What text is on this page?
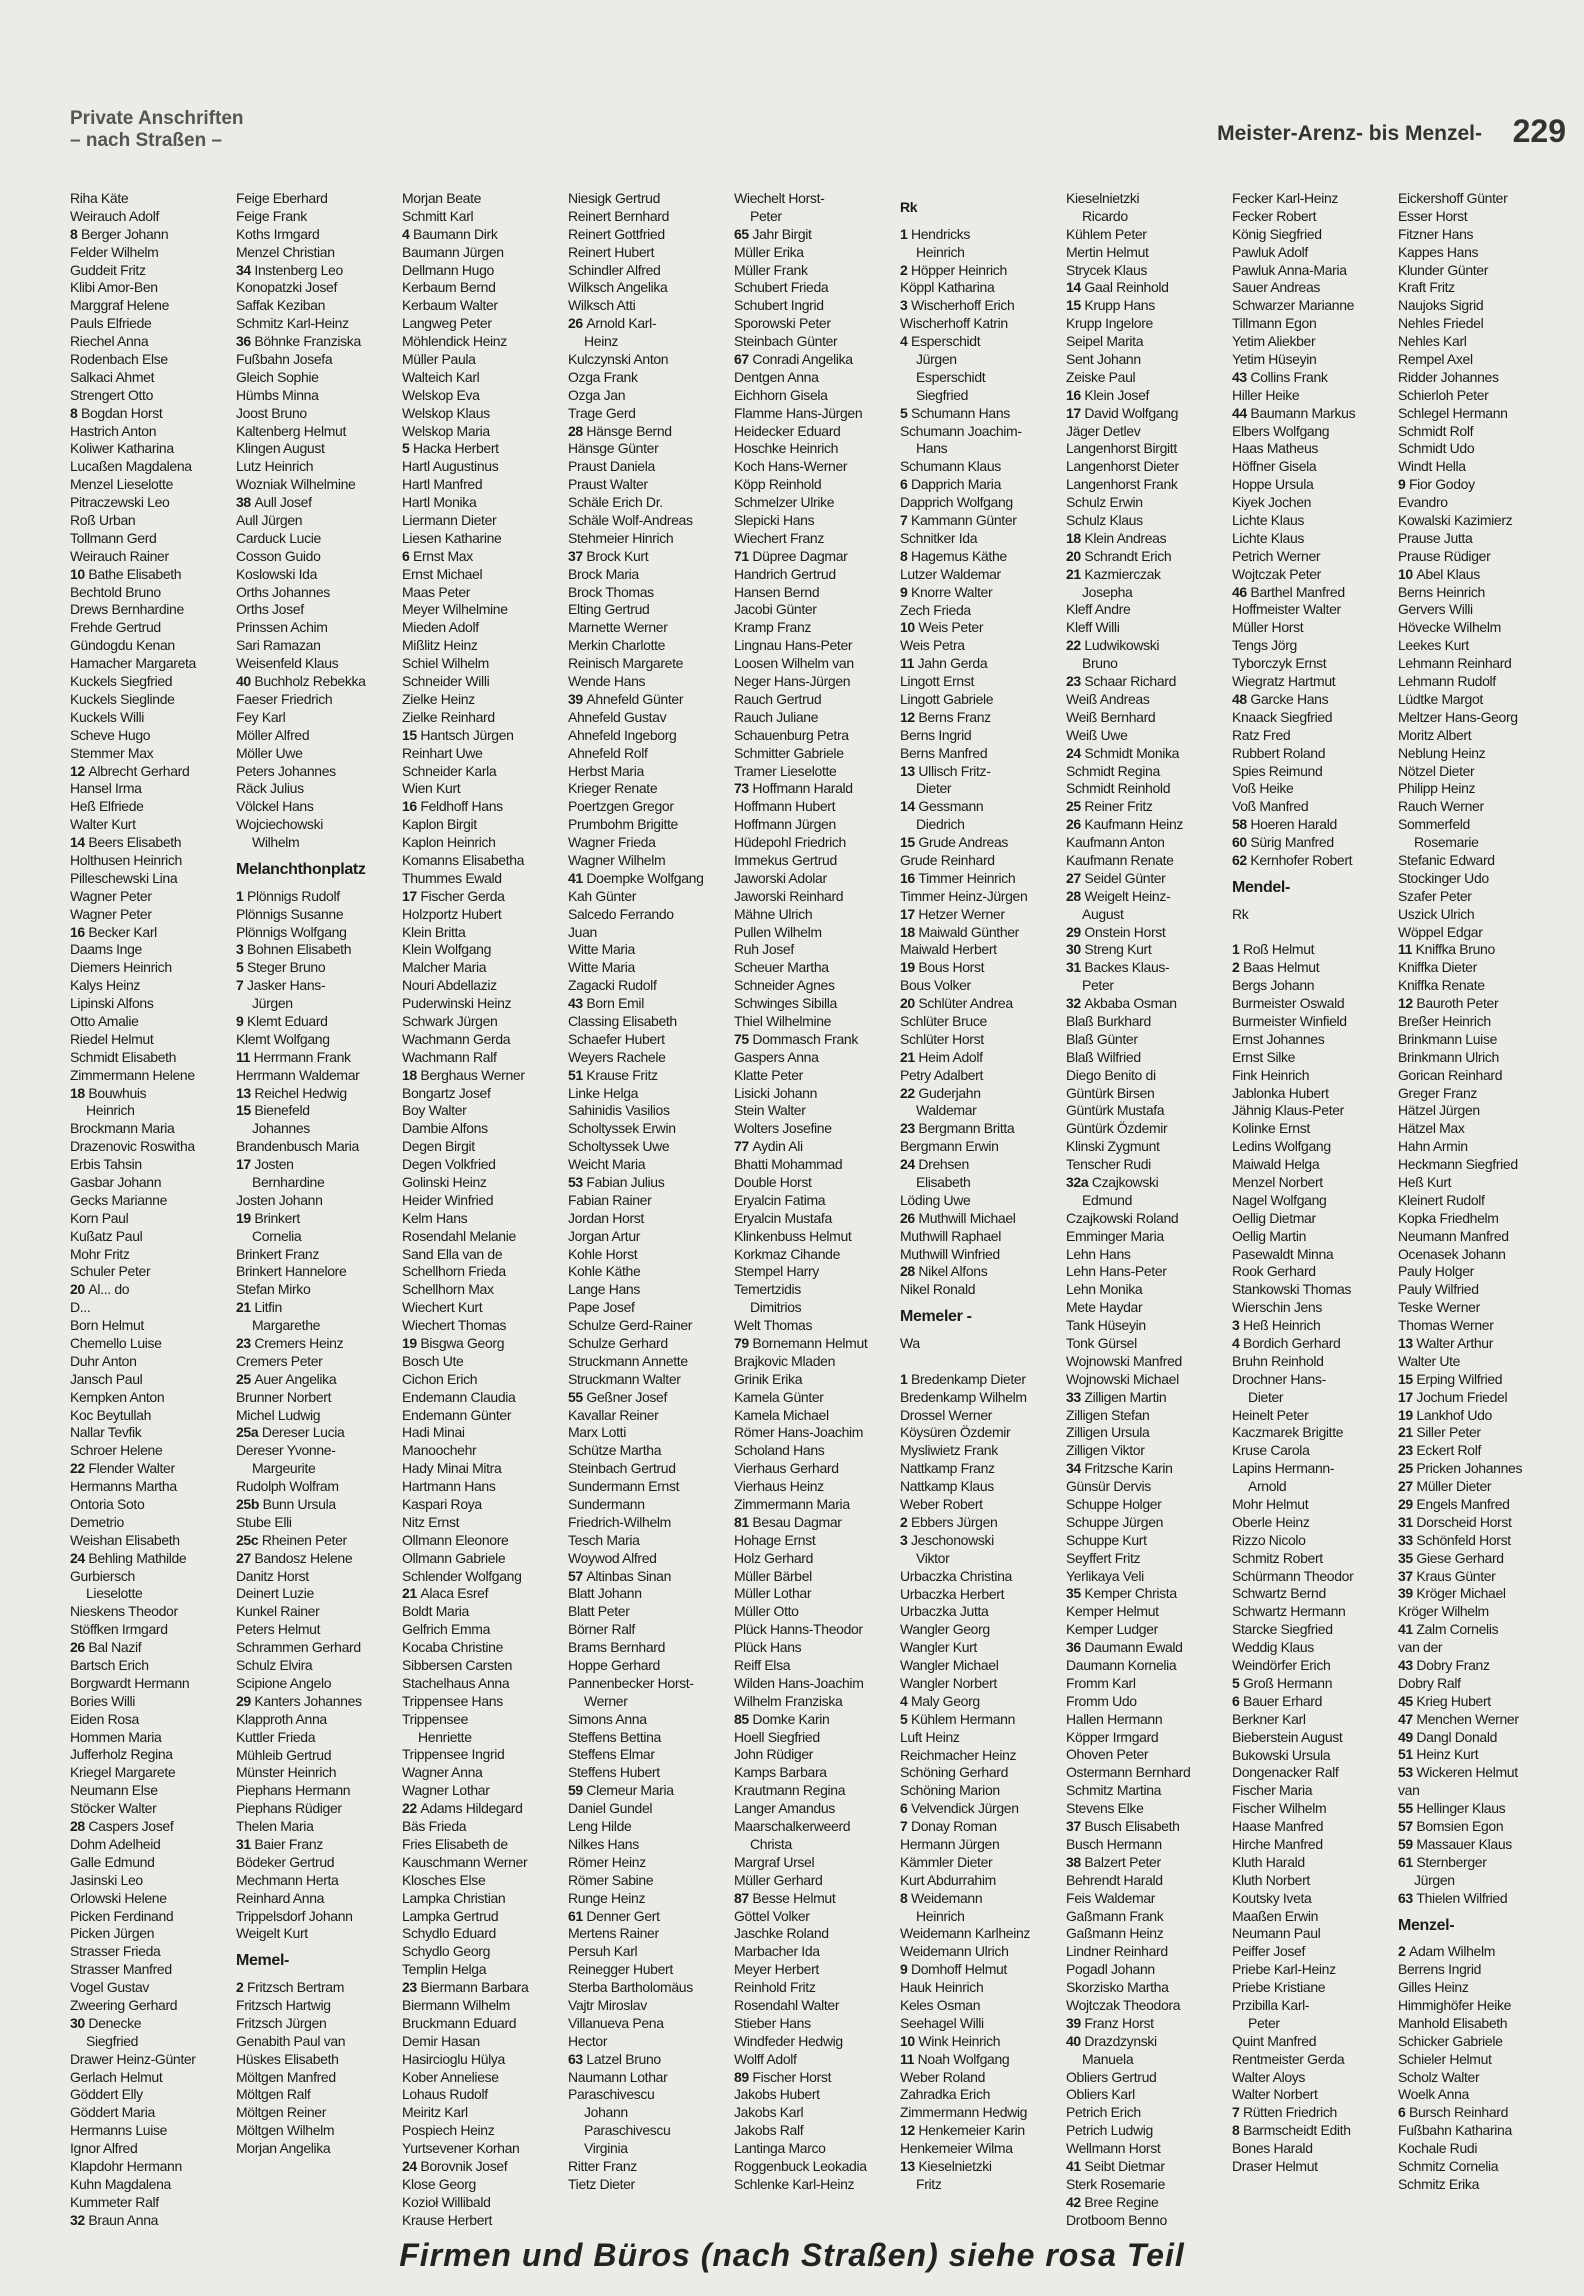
Private Anschriften
– nach Straßen –	Meister-Arenz- bis Menzel- 229
Riha Käte
Weirauch Adolf
8 Berger Johann
Felder Wilhelm
Guddeit Fritz
Klibi Amor-Ben
Marggraf Helene
Pauls Elfriede
Riechel Anna
Rodenbach Else
Salkaci Ahmet
Strengert Otto
8 Bogdan Horst
Hastrich Anton
Koliwer Katharina
Lucaßen Magdalena
Menzel Lieselotte
Pitraczewski Leo
Roß Urban
Tollmann Gerd
Weirauch Rainer
10 Bathe Elisabeth
Bechtold Bruno
Drews Bernhardine
Frehde Gertrud
Gündogdu Kenan
Hamacher Margareta
Kuckels Siegfried
Kuckels Sieglinde
Kuckels Willi
Scheve Hugo
Stemmer Max
12 Albrecht Gerhard
Hansel Irma
Heß Elfriede
Walter Kurt
14 Beers Elisabeth
Holthusen Heinrich
Pilleschewski Lina
Wagner Peter
Wagner Peter
16 Becker Karl
Daams Inge
Diemers Heinrich
Kalys Heinz
Lipinski Alfons
Otto Amalie
Riedel Helmut
Schmidt Elisabeth
Zimmermann Helene
18 Bouwhuis
Heinrich
Brockmann Maria
Drazenovic Roswitha
Erbis Tahsin
Gasbar Johann
Gecks Marianne
Korn Paul
Kußatz Paul
Mohr Fritz
Schuler Peter
20 Al... do
D...
Born Helmut
Chemello Luise
Duhr Anton
Jansch Paul
Kempken Anton
Koc Beytullah
Nallar Tevfik
Schroer Helene
22 Flender Walter
Hermanns Martha
Ontoria Soto
Demetrio
Weishan Elisabeth
24 Behling Mathilde
Gurbiersch
Lieselotte
Nieskens Theodor
Stöffken Irmgard
26 Bal Nazif
Bartsch Erich
Borgwardt Hermann
Bories Willi
Eiden Rosa
Hommen Maria
Jufferholz Regina
Kriegel Margarete
Neumann Else
Stöcker Walter
28 Caspers Josef
Dohm Adelheid
Galle Edmund
Jasinski Leo
Orlowski Helene
Picken Ferdinand
Picken Jürgen
Strasser Frieda
Strasser Manfred
Vogel Gustav
Zweering Gerhard
30 Denecke
Siegfried
Drawer Heinz-Günter
Gerlach Helmut
Göddert Elly
Göddert Maria
Hermanns Luise
Ignor Alfred
Klapdohr Hermann
Kuhn Magdalena
Kummeter Ralf
32 Braun Anna
Feige Eberhard
Feige Frank
Koths Irmgard
Menzel Christian
34 Instenberg Leo
Konopatzki Josef
Saffak Keziban
Schmitz Karl-Heinz
36 Böhnke Franziska
Fußbahn Josefa
Gleich Sophie
Hümbs Minna
Joost Bruno
Kaltenberg Helmut
Klingen August
Lutz Heinrich
Wozniak Wilhelmine
38 Aull Josef
Aull Jürgen
Carduck Lucie
Cosson Guido
Koslowski Ida
Orths Johannes
Orths Josef
Prinssen Achim
Sari Ramazan
Weisenfeld Klaus
40 Buchholz Rebekka
Faeser Friedrich
Fey Karl
Möller Alfred
Möller Uwe
Peters Johannes
Räck Julius
Völckel Hans
Wojciechowski
Wilhelm
Melanchthonplatz
1 Plönnigs Rudolf
Plönnigs Susanne
Plönnigs Wolfgang
3 Bohnen Elisabeth
5 Steger Bruno
7 Jasker Hans-
Jürgen
9 Klemt Eduard
Klemt Wolfgang
11 Herrmann Frank
Herrmann Waldemar
13 Reichel Hedwig
15 Bienefeld
Johannes
Brandenbusch Maria
17 Josten
Bernhardine
Josten Johann
19 Brinkert
Cornelia
Brinkert Franz
Brinkert Hannelore
Stefan Mirko
21 Litfin
Margarethe
23 Cremers Heinz
Cremers Peter
25 Auer Angelika
Brunner Norbert
Michel Ludwig
25a Dereser Lucia
Dereser Yvonne-
Margeurite
Rudolph Wolfram
25b Bunn Ursula
Stube Elli
25c Rheinen Peter
27 Bandosz Helene
Danitz Horst
Deinert Luzie
Kunkel Rainer
Peters Helmut
Schrammen Gerhard
Schulz Elvira
Scipione Angelo
29 Kanters Johannes
Klapproth Anna
Kuttler Frieda
Mühleib Gertrud
Münster Heinrich
Piephans Hermann
Piephans Rüdiger
Thelen Maria
31 Baier Franz
Bödeker Gertrud
Mechmann Herta
Reinhard Anna
Trippelsdorf Johann
Weigelt Kurt
Memel-
2 Fritzsch Bertram
Fritzsch Hartwig
Fritzsch Jürgen
Genabith Paul van
Hüskes Elisabeth
Möltgen Manfred
Möltgen Ralf
Möltgen Reiner
Möltgen Wilhelm
Morjan Angelika
Morjan Beate
Schmitt Karl
4 Baumann Dirk
Baumann Jürgen
Dellmann Hugo
Kerbaum Bernd
Kerbaum Walter
Langweg Peter
Möhlendick Heinz
Müller Paula
Walteich Karl
Welskop Eva
Welskop Klaus
Welskop Maria
5 Hacka Herbert
Hartl Augustinus
Hartl Manfred
Hartl Monika
Liermann Dieter
Liesen Katharine
6 Ernst Max
Ernst Michael
Maas Peter
Meyer Wilhelmine
Mieden Adolf
Mißlitz Heinz
Schiel Wilhelm
Schneider Willi
Zielke Heinz
Zielke Reinhard
15 Hantsch Jürgen
Reinhart Uwe
Schneider Karla
Wien Kurt
16 Feldhoff Hans
Kaplon Birgit
Kaplon Heinrich
Komanns Elisabetha
Thummes Ewald
17 Fischer Gerda
Holzportz Hubert
Klein Britta
Klein Wolfgang
Malcher Maria
Nouri Abdellaziz
Puderwinski Heinz
Schwark Jürgen
Wachmann Gerda
Wachmann Ralf
18 Berghaus Werner
Bongartz Josef
Boy Walter
Dambie Alfons
Degen Birgit
Degen Volkfried
Golinski Heinz
Heider Winfried
Kelm Hans
Rosendahl Melanie
Sand Ella van de
Schellhorn Frieda
Schellhorn Max
Wiechert Kurt
Wiechert Thomas
19 Bisgwa Georg
Bosch Ute
Cichon Erich
Endemann Claudia
Endemann Günter
Hadi Minai
Manoochehr
Hady Minai Mitra
Hartmann Hans
Kaspari Roya
Nitz Ernst
Ollmann Eleonore
Ollmann Gabriele
Schlender Wolfgang
21 Alaca Esref
Boldt Maria
Gelfrich Emma
Kocaba Christine
Sibbersen Carsten
Stachelhaus Anna
Trippensee Hans
Trippensee
Henriette
Trippensee Ingrid
Wagner Anna
Wagner Lothar
22 Adams Hildegard
Bäs Frieda
Fries Elisabeth de
Kauschmann Werner
Klosches Else
Lampka Christian
Lampka Gertrud
Schydlo Eduard
Schydlo Georg
Templin Helga
23 Biermann Barbara
Biermann Wilhelm
Bruckmann Eduard
Demir Hasan
Hasircioglu Hülya
Kober Anneliese
Lohaus Rudolf
Meiritz Karl
Pospiech Heinz
Yurtsevener Korhan
24 Borovnik Josef
Klose Georg
Kozioł Willibald
Krause Herbert
Niesigk Gertrud
Reinert Bernhard
Reinert Gottfried
Reinert Hubert
Schindler Alfred
Wilksch Angelika
Wilksch Atti
26 Arnold Karl-
Heinz
Kulczynski Anton
Ozga Frank
Ozga Jan
Trage Gerd
28 Hänsge Bernd
Hänsge Günter
Praust Daniela
Praust Walter
Schäle Erich Dr.
Schäle Wolf-Andreas
Stehmeier Hinrich
37 Brock Kurt
Brock Maria
Brock Thomas
Elting Gertrud
Marnette Werner
Merkin Charlotte
Reinisch Margarete
Wende Hans
39 Ahnefeld Günter
Ahnefeld Gustav
Ahnefeld Ingeborg
Ahnefeld Rolf
Herbst Maria
Krieger Renate
Poertzgen Gregor
Prumbohm Brigitte
Wagner Frieda
Wagner Wilhelm
41 Doempke Wolfgang
Kah Günter
Salcedo Ferrando
Juan
Witte Maria
Witte Maria
Zagacki Rudolf
43 Born Emil
Classing Elisabeth
Schaefer Hubert
Weyers Rachele
51 Krause Fritz
Linke Helga
Sahinidis Vasilios
Scholtyssek Erwin
Scholtyssek Uwe
Weicht Maria
53 Fabian Julius
Fabian Rainer
Jordan Horst
Jorgan Artur
Kohle Horst
Kohle Käthe
Lange Hans
Pape Josef
Schulze Gerd-Rainer
Schulze Gerhard
Struckmann Annette
Struckmann Walter
55 Geßner Josef
Kavallar Reiner
Marx Lotti
Schütze Martha
Steinbach Gertrud
Sundermann Ernst
Sundermann
Friedrich-Wilhelm
Tesch Maria
Woywod Alfred
57 Altinbas Sinan
Blatt Johann
Blatt Peter
Börner Ralf
Brams Bernhard
Hoppe Gerhard
Pannenbecker Horst-
Werner
Simons Anna
Steffens Bettina
Steffens Elmar
Steffens Hubert
59 Clemeur Maria
Daniel Gundel
Leng Hilde
Nilkes Hans
Römer Heinz
Römer Sabine
Runge Heinz
61 Denner Gert
Mertens Rainer
Persuh Karl
Reinegger Hubert
Sterba Bartholomäus
Vajtr Miroslav
Villanueva Pena
Hector
63 Latzel Bruno
Naumann Lothar
Paraschivescu
Johann
Paraschivescu
Virginia
Ritter Franz
Tietz Dieter
Wiechelt Horst-
Peter
65 Jahr Birgit
Müller Erika
Müller Frank
Schubert Frieda
Schubert Ingrid
Sporowski Peter
Steinbach Günter
67 Conradi Angelika
Dentgen Anna
Eichhorn Gisela
Flamme Hans-Jürgen
Heidecker Eduard
Hoschke Heinrich
Koch Hans-Werner
Köpp Reinhold
Schmelzer Ulrike
Slepicki Hans
Wiechert Franz
71 Düpree Dagmar
Handrich Gertrud
Hansen Bernd
Jacobi Günter
Kramp Franz
Lingnau Hans-Peter
Loosen Wilhelm van
Neger Hans-Jürgen
Rauch Gertrud
Rauch Juliane
Schauenburg Petra
Schmitter Gabriele
Tramer Lieselotte
73 Hoffmann Harald
Hoffmann Hubert
Hoffmann Jürgen
Hüdepohl Friedrich
Immekus Gertrud
Jaworski Adolar
Jaworski Reinhard
Mähne Ulrich
Pullen Wilhelm
Ruh Josef
Scheuer Martha
Schneider Agnes
Schwinges Sibilla
Thiel Wilhelmine
75 Dommasch Frank
Gaspers Anna
Klatte Peter
Lisicki Johann
Stein Walter
Wolters Josefine
77 Aydin Ali
Bhatti Mohammad
Double Horst
Eryalcin Fatima
Eryalcin Mustafa
Klinkenbuss Helmut
Korkmaz Cihande
Stempel Harry
Temertzidis
Dimitrios
Welt Thomas
79 Bornemann Helmut
Brajkovic Mladen
Grinik Erika
Kamela Günter
Kamela Michael
Römer Hans-Joachim
Scholand Hans
Vierhaus Gerhard
Vierhaus Heinz
Zimmermann Maria
81 Besau Dagmar
Hohage Ernst
Holz Gerhard
Müller Bärbel
Müller Lothar
Müller Otto
Plück Hanns-Theodor
Plück Hans
Reiff Elsa
Wilden Hans-Joachim
Wilhelm Franziska
85 Domke Karin
Hoell Siegfried
John Rüdiger
Kamps Barbara
Krautmann Regina
Langer Amandus
Maarschalkerweerd
Christa
Margraf Ursel
Müller Gerhard
87 Besse Helmut
Göttel Volker
Jaschke Roland
Marbacher Ida
Meyer Herbert
Reinhold Fritz
Rosendahl Walter
Stieber Hans
Windfeder Hedwig
Wolff Adolf
89 Fischer Horst
Jakobs Hubert
Jakobs Karl
Jakobs Ralf
Lantinga Marco
Roggenbuck Leokadia
Schlenke Karl-Heinz
Rk
1 Hendricks
Heinrich
2 Höpper Heinrich
Köppl Katharina
3 Wischerhoff Erich
Wischerhoff Katrin
4 Esperschidt
Jürgen
Esperschidt
Siegfried
5 Schumann Hans
Schumann Joachim-
Hans
Schumann Klaus
6 Dapprich Maria
Dapprich Wolfgang
7 Kammann Günter
Schnitker Ida
8 Hagemus Käthe
Lutzer Waldemar
9 Knorre Walter
Zech Frieda
10 Weis Peter
Weis Petra
11 Jahn Gerda
Lingott Ernst
Lingott Gabriele
12 Berns Franz
Berns Ingrid
Berns Manfred
13 Ullisch Fritz-
Dieter
14 Gessmann
Diedrich
15 Grude Andreas
Grude Reinhard
16 Timmer Heinrich
Timmer Heinz-Jürgen
17 Hetzer Werner
18 Maiwald Günther
Maiwald Herbert
19 Bous Horst
Bous Volker
20 Schlüter Andrea
Schlüter Bruce
Schlüter Horst
21 Heim Adolf
Petry Adalbert
22 Guderjahn
Waldemar
23 Bergmann Britta
Bergmann Erwin
24 Drehsen
Elisabeth
Löding Uwe
26 Muthwill Michael
Muthwill Raphael
Muthwill Winfried
28 Nikel Alfons
Nikel Ronald
Memeler -
Wa
1 Bredenkamp Dieter
Bredenkamp Wilhelm
Drossel Werner
Köysüren Özdemir
Mysliwietz Frank
Nattkamp Franz
Nattkamp Klaus
Weber Robert
2 Ebbers Jürgen
3 Jeschonowski
Viktor
Urbaczka Christina
Urbaczka Herbert
Urbaczka Jutta
Wangler Georg
Wangler Kurt
Wangler Michael
Wangler Norbert
4 Maly Georg
5 Kühlem Hermann
Luft Heinz
Reichmacher Heinz
Schöning Gerhard
Schöning Marion
6 Velvendick Jürgen
7 Donay Roman
Hermann Jürgen
Kämmler Dieter
Kurt Abdurrahim
8 Weidemann
Heinrich
Weidemann Karlheinz
Weidemann Ulrich
9 Domhoff Helmut
Hauk Heinrich
Keles Osman
Seehagel Willi
10 Wink Heinrich
11 Noah Wolfgang
Weber Roland
Zahradka Erich
Zimmermann Hedwig
12 Henkemeier Karin
Henkemeier Wilma
13 Kieselnietzki
Fritz
Kieselnietzki
Ricardo
Kühlem Peter
Mertin Helmut
Strycek Klaus
14 Gaal Reinhold
15 Krupp Hans
Krupp Ingelore
Seipel Marita
Sent Johann
Zeiske Paul
16 Klein Josef
17 David Wolfgang
Jäger Detlev
Langenhorst Birgitt
Langenhorst Dieter
Langenhorst Frank
Schulz Erwin
Schulz Klaus
18 Klein Andreas
20 Schrandt Erich
21 Kazmierczak
Josepha
Kleff Andre
Kleff Willi
22 Ludwikowski
Bruno
23 Schaar Richard
Weiß Andreas
Weiß Bernhard
Weiß Uwe
24 Schmidt Monika
Schmidt Regina
Schmidt Reinhold
25 Reiner Fritz
26 Kaufmann Heinz
Kaufmann Anton
Kaufmann Renate
27 Seidel Günter
28 Weigelt Heinz-
August
29 Onstein Horst
30 Streng Kurt
31 Backes Klaus-
Peter
32 Akbaba Osman
Blaß Burkhard
Blaß Günter
Blaß Wilfried
Diego Benito di
Güntürk Birsen
Güntürk Mustafa
Güntürk Özdemir
Klinski Zygmunt
Tenscher Rudi
32a Czajkowski
Edmund
Czajkowski Roland
Emminger Maria
Lehn Hans
Lehn Hans-Peter
Lehn Monika
Mete Haydar
Tank Hüseyin
Tonk Gürsel
Wojnowski Manfred
Wojnowski Michael
33 Zilligen Martin
Zilligen Stefan
Zilligen Ursula
Zilligen Viktor
34 Fritzsche Karin
Günsür Dervis
Schuppe Holger
Schuppe Jürgen
Schuppe Kurt
Seyffert Fritz
Yerlikaya Veli
35 Kemper Christa
Kemper Helmut
Kemper Ludger
36 Daumann Ewald
Daumann Kornelia
Fromm Karl
Fromm Udo
Hallen Hermann
Köpper Irmgard
Ohoven Peter
Ostermann Bernhard
Schmitz Martina
Stevens Elke
37 Busch Elisabeth
Busch Hermann
38 Balzert Peter
Behrendt Harald
Feis Waldemar
Gaßmann Frank
Gaßmann Heinz
Lindner Reinhard
Pogadl Johann
Skorzisko Martha
Wojtczak Theodora
39 Franz Horst
40 Drazdzynski
Manuela
Obliers Gertrud
Obliers Karl
Petrich Erich
Petrich Ludwig
Wellmann Horst
41 Seibt Dietmar
Sterk Rosemarie
42 Bree Regine
Drotboom Benno
Fecker Karl-Heinz
Fecker Robert
König Siegfried
Pawluk Adolf
Pawluk Anna-Maria
Sauer Andreas
Schwarzer Marianne
Tillmann Egon
Yetim Aliekber
Yetim Hüseyin
43 Collins Frank
Hiller Heike
44 Baumann Markus
Elbers Wolfgang
Haas Matheus
Höffner Gisela
Hoppe Ursula
Kiyek Jochen
Lichte Klaus
Lichte Klaus
Petrich Werner
Wojtczak Peter
46 Barthel Manfred
Hoffmeister Walter
Müller Horst
Tengs Jörg
Tyborczyk Ernst
Wiegratz Hartmut
48 Garcke Hans
Knaack Siegfried
Ratz Fred
Rubbert Roland
Spies Reimund
Voß Heike
Voß Manfred
58 Hoeren Harald
60 Sürig Manfred
62 Kernhofer Robert
Mendel-
Rk
1 Roß Helmut
2 Baas Helmut
Bergs Johann
Burmeister Oswald
Burmeister Winfield
Ernst Johannes
Ernst Silke
Fink Heinrich
Jablonka Hubert
Jähnig Klaus-Peter
Kolinke Ernst
Ledins Wolfgang
Maiwald Helga
Menzel Norbert
Nagel Wolfgang
Oellig Dietmar
Oellig Martin
Pasewaldt Minna
Rook Gerhard
Stankowski Thomas
Wierschin Jens
3 Heß Heinrich
4 Bordich Gerhard
Bruhn Reinhold
Drochner Hans-
Dieter
Heinelt Peter
Kaczmarek Brigitte
Kruse Carola
Lapins Hermann-
Arnold
Mohr Helmut
Oberle Heinz
Rizzo Nicolo
Schmitz Robert
Schürmann Theodor
Schwartz Bernd
Schwartz Hermann
Starcke Siegfried
Weddig Klaus
Weindörfer Erich
5 Groß Hermann
6 Bauer Erhard
Berkner Karl
Bieberstein August
Bukowski Ursula
Dongenacker Ralf
Fischer Maria
Fischer Wilhelm
Haase Manfred
Hirche Manfred
Kluth Harald
Kluth Norbert
Koutsky Iveta
Maaßen Erwin
Neumann Paul
Peiffer Josef
Priebe Karl-Heinz
Priebe Kristiane
Przibilla Karl-
Peter
Quint Manfred
Rentmeister Gerda
Walter Aloys
Walter Norbert
7 Rütten Friedrich
8 Barmscheidt Edith
Bones Harald
Draser Helmut
Eickershoff Günter
Esser Horst
Fitzner Hans
Kappes Hans
Klunder Günter
Kraft Fritz
Naujoks Sigrid
Nehles Friedel
Nehles Karl
Rempel Axel
Ridder Johannes
Schierloh Peter
Schlegel Hermann
Schmidt Rolf
Schmidt Udo
Windt Hella
9 Fior Godoy
Evandro
Kowalski Kazimierz
Prause Jutta
Prause Rüdiger
10 Abel Klaus
Berns Heinrich
Gervers Willi
Hövecke Wilhelm
Leekes Kurt
Lehmann Reinhard
Lehmann Rudolf
Lüdtke Margot
Meltzer Hans-Georg
Moritz Albert
Neblung Heinz
Nötzel Dieter
Philipp Heinz
Rauch Werner
Sommerfeld
Rosemarie
Stefanic Edward
Stockinger Udo
Szafer Peter
Uszick Ulrich
Wöppel Edgar
11 Kniffka Bruno
Kniffka Dieter
Kniffka Renate
12 Bauroth Peter
Breßer Heinrich
Brinkmann Luise
Brinkmann Ulrich
Gorican Reinhard
Greger Franz
Hätzel Jürgen
Hätzel Max
Hahn Armin
Heckmann Siegfried
Heß Kurt
Kleinert Rudolf
Kopka Friedhelm
Neumann Manfred
Ocenasek Johann
Pauly Holger
Pauly Wilfried
Teske Werner
Thomas Werner
13 Walter Arthur
Walter Ute
15 Erping Wilfried
17 Jochum Friedel
19 Lankhof Udo
21 Siller Peter
23 Eckert Rolf
25 Pricken Johannes
27 Müller Dieter
29 Engels Manfred
31 Dorscheid Horst
33 Schönfeld Horst
35 Giese Gerhard
37 Kraus Günter
39 Kröger Michael
Kröger Wilhelm
41 Zalm Cornelis
van der
43 Dobry Franz
Dobry Ralf
45 Krieg Hubert
47 Menchen Werner
49 Dangl Donald
51 Heinz Kurt
53 Wickeren Helmut
van
55 Hellinger Klaus
57 Bomsien Egon
59 Massauer Klaus
61 Sternberger
Jürgen
63 Thielen Wilfried
Menzel-
2 Adam Wilhelm
Berrens Ingrid
Gilles Heinz
Himmighöfer Heike
Manhold Elisabeth
Schicker Gabriele
Schieler Helmut
Scholz Walter
Woelk Anna
6 Bursch Reinhard
Fußbahn Katharina
Kochale Rudi
Schmitz Cornelia
Schmitz Erika
Firmen und Büros (nach Straßen) siehe rosa Teil
